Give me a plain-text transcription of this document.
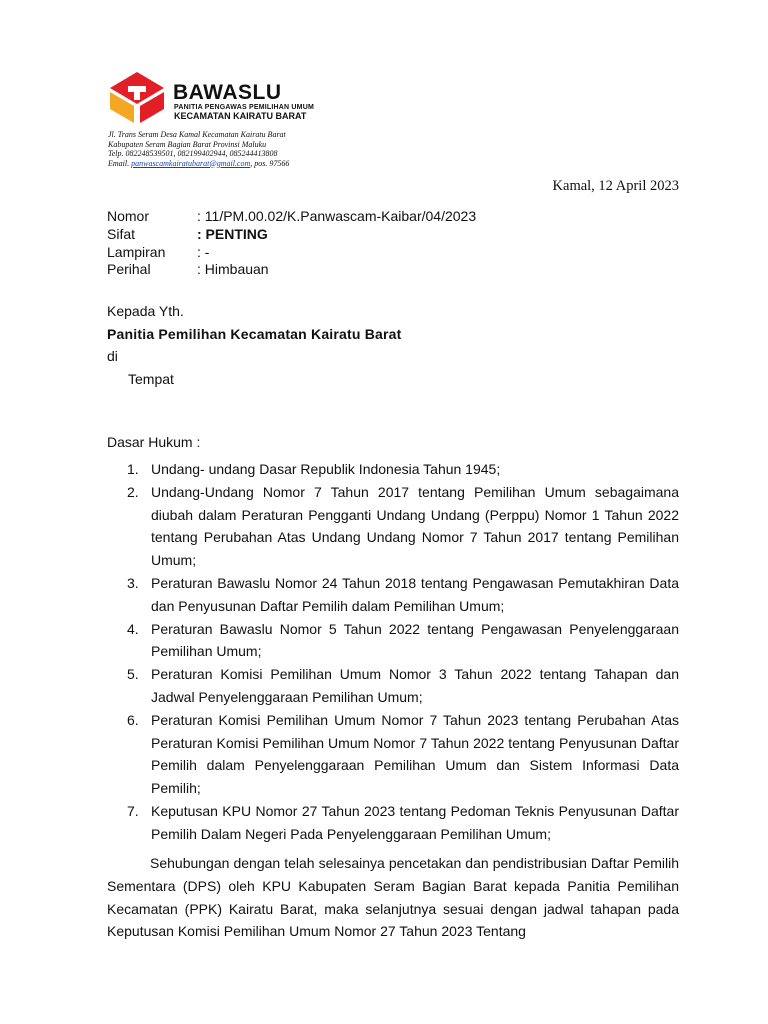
BAWASLU
PANITIA PENGAWAS PEMILIHAN UMUM
KECAMATAN KAIRATU BARAT
Jl. Trans Seram Desa Kamal Kecamatan Kairatu Barat
Kabupaten Seram Bagian Barat Provinsi Maluku
Telp. 082248539501, 082199402944, 085244413808
Email. panwascamkairatubarat@gmail.com, pos. 97566
Kamal, 12 April 2023
Nomor	: 11/PM.00.02/K.Panwascam-Kaibar/04/2023
Sifat	: PENTING
Lampiran	: -
Perihal	: Himbauan
Kepada Yth.
Panitia Pemilihan Kecamatan Kairatu Barat
di
Tempat
Dasar Hukum :
1. Undang- undang Dasar Republik Indonesia Tahun 1945;
2. Undang-Undang Nomor 7 Tahun 2017 tentang Pemilihan Umum sebagaimana diubah dalam Peraturan Pengganti Undang Undang (Perppu) Nomor 1 Tahun 2022 tentang Perubahan Atas Undang Undang Nomor 7 Tahun 2017 tentang Pemilihan Umum;
3. Peraturan Bawaslu Nomor 24 Tahun 2018 tentang Pengawasan Pemutakhiran Data dan Penyusunan Daftar Pemilih dalam Pemilihan Umum;
4. Peraturan Bawaslu Nomor 5 Tahun 2022 tentang Pengawasan Penyelenggaraan Pemilihan Umum;
5. Peraturan Komisi Pemilihan Umum Nomor 3 Tahun 2022 tentang Tahapan dan Jadwal Penyelenggaraan Pemilihan Umum;
6. Peraturan Komisi Pemilihan Umum Nomor 7 Tahun 2023 tentang Perubahan Atas Peraturan Komisi Pemilihan Umum Nomor 7 Tahun 2022 tentang Penyusunan Daftar Pemilih dalam Penyelenggaraan Pemilihan Umum dan Sistem Informasi Data Pemilih;
7. Keputusan KPU Nomor 27 Tahun 2023 tentang Pedoman Teknis Penyusunan Daftar Pemilih Dalam Negeri Pada Penyelenggaraan Pemilihan Umum;
Sehubungan dengan telah selesainya pencetakan dan pendistribusian Daftar Pemilih Sementara (DPS) oleh KPU Kabupaten Seram Bagian Barat kepada Panitia Pemilihan Kecamatan (PPK) Kairatu Barat, maka selanjutnya sesuai dengan jadwal tahapan pada Keputusan Komisi Pemilihan Umum Nomor 27 Tahun 2023 Tentang
